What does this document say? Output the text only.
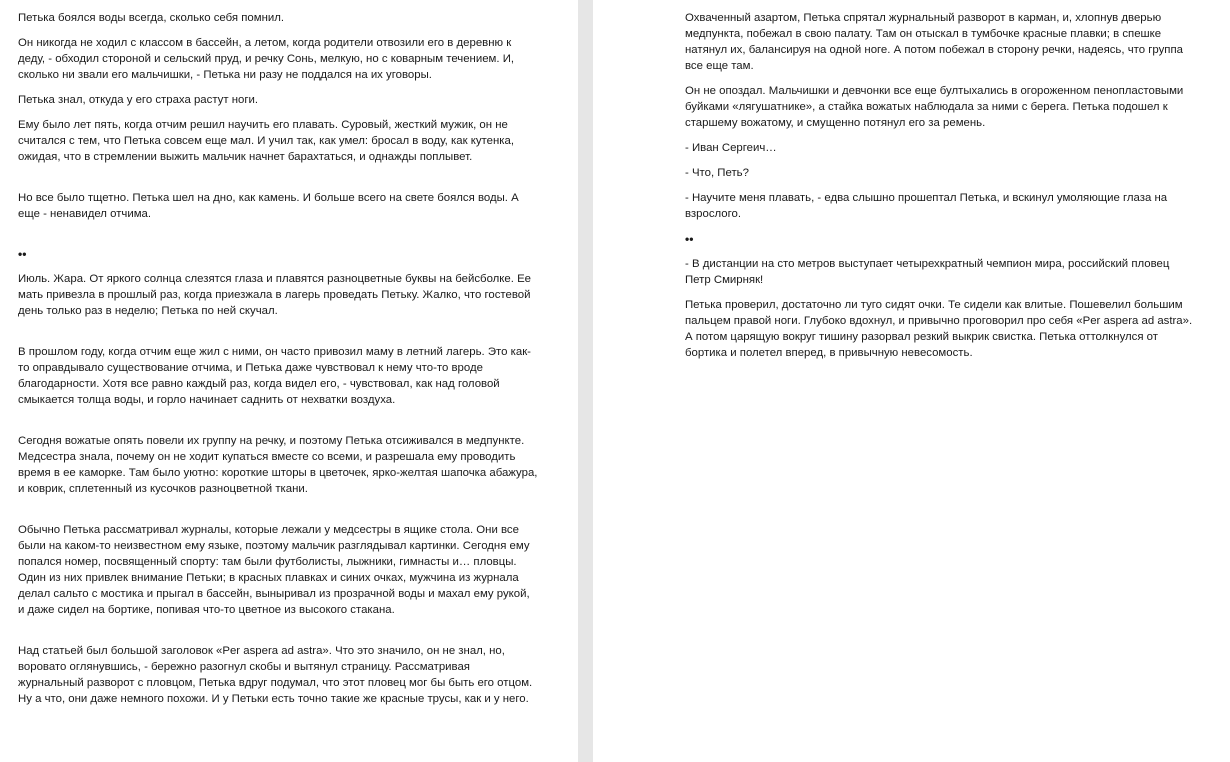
Петька боялся воды всегда, сколько себя помнил.

Он никогда не ходил с классом в бассейн, а летом, когда родители отвозили его в деревню к деду, - обходил стороной и сельский пруд, и речку Сонь, мелкую, но с коварным течением. И, сколько ни звали его мальчишки, - Петька ни разу не поддался на их уговоры.

Петька знал, откуда у его страха растут ноги.

Ему было лет пять, когда отчим решил научить его плавать. Суровый, жесткий мужик, он не считался с тем, что Петька совсем еще мал. И учил так, как умел: бросал в воду, как кутенка, ожидая, что в стремлении выжить мальчик начнет барахтаться, и однажды поплывет.

Но все было тщетно. Петька шел на дно, как камень. И больше всего на свете боялся воды. А еще - ненавидел отчима.

••

Июль. Жара. От яркого солнца слезятся глаза и плавятся разноцветные буквы на бейсболке. Ее мать привезла в прошлый раз, когда приезжала в лагерь проведать Петьку. Жалко, что гостевой день только раз в неделю; Петька по ней скучал.

В прошлом году, когда отчим еще жил с ними, он часто привозил маму в летний лагерь. Это как-то оправдывало существование отчима, и Петька даже чувствовал к нему что-то вроде благодарности. Хотя все равно каждый раз, когда видел его, - чувствовал, как над головой смыкается толща воды, и горло начинает саднить от нехватки воздуха.

Сегодня вожатые опять повели их группу на речку, и поэтому Петька отсиживался в медпункте. Медсестра знала, почему он не ходит купаться вместе со всеми, и разрешала ему проводить время в ее каморке. Там было уютно: короткие шторы в цветочек, ярко-желтая шапочка абажура, и коврик, сплетенный из кусочков разноцветной ткани.

Обычно Петька рассматривал журналы, которые лежали у медсестры в ящике стола. Они все были на каком-то неизвестном ему языке, поэтому мальчик разглядывал картинки. Сегодня ему попался номер, посвященный спорту: там были футболисты, лыжники, гимнасты и… пловцы. Один из них привлек внимание Петьки; в красных плавках и синих очках, мужчина из журнала делал сальто с мостика и прыгал в бассейн, выныривал из прозрачной воды и махал ему рукой, и даже сидел на бортике, попивая что-то цветное из высокого стакана.

Над статьей был большой заголовок «Per aspera ad astra». Что это значило, он не знал, но, воровато оглянувшись, - бережно разогнул скобы и вытянул страницу. Рассматривая журнальный разворот с пловцом, Петька вдруг подумал, что этот пловец мог бы быть его отцом. Ну а что, они даже немного похожи. И у Петьки есть точно такие же красные трусы, как и у него.

Охваченный азартом, Петька спрятал журнальный разворот в карман, и, хлопнув дверью медпункта, побежал в свою палату. Там он отыскал в тумбочке красные плавки; в спешке натянул их, балансируя на одной ноге. А потом побежал в сторону речки, надеясь, что группа все еще там.

Он не опоздал. Мальчишки и девчонки все еще бултыхались в огороженном пенопластовыми буйками «лягушатнике», а стайка вожатых наблюдала за ними с берега. Петька подошел к старшему вожатому, и смущенно потянул его за ремень.

- Иван Сергеич…

- Что, Петь?

- Научите меня плавать, - едва слышно прошептал Петька, и вскинул умоляющие глаза на взрослого.

••

- В дистанции на сто метров выступает четырехкратный чемпион мира, российский пловец Петр Смирняк!

Петька проверил, достаточно ли туго сидят очки. Те сидели как влитые. Пошевелил большим пальцем правой ноги. Глубоко вдохнул, и привычно проговорил про себя «Per aspera ad astra». А потом царящую вокруг тишину разорвал резкий выкрик свистка. Петька оттолкнулся от бортика и полетел вперед, в привычную невесомость.
